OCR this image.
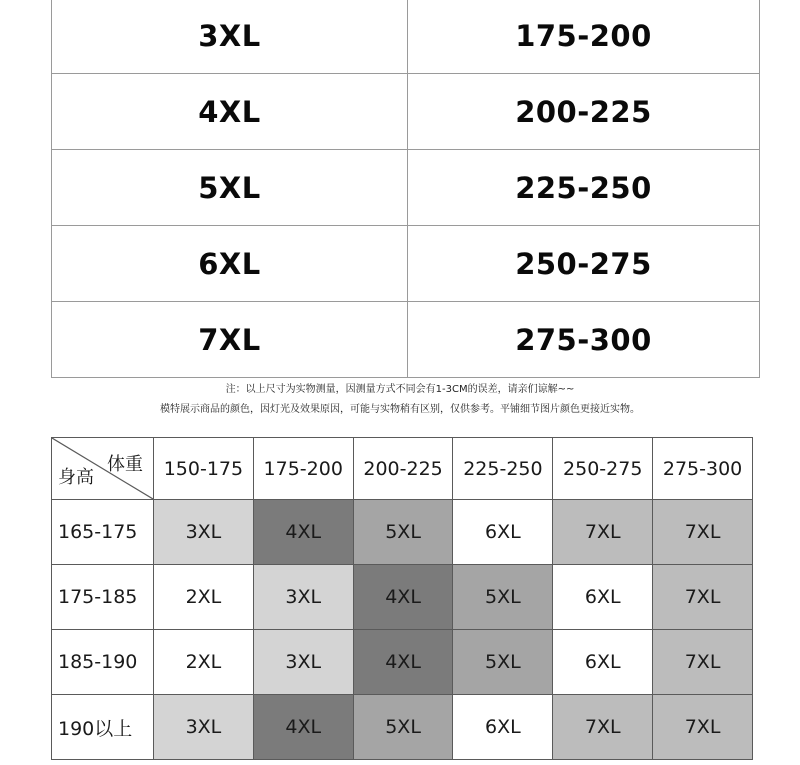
3XL	175-200
4XL	200-225
5XL	225-250
6XL	250-275
7XL	275-300
注：以上尺寸为实物测量，因测量方式不同会有1-3CM的误差，请亲们谅解~~
模特展示商品的颜色，因灯光及效果原因，可能与实物稍有区别，仅供参考。平铺细节图片颜色更接近实物。
体重
身高	150-175	175-200	200-225	225-250	250-275	275-300
165-175	3XL	4XL	5XL	6XL	7XL	7XL
175-185	2XL	3XL	4XL	5XL	6XL	7XL
185-190	2XL	3XL	4XL	5XL	6XL	7XL
190以上	3XL	4XL	5XL	6XL	7XL	7XL
